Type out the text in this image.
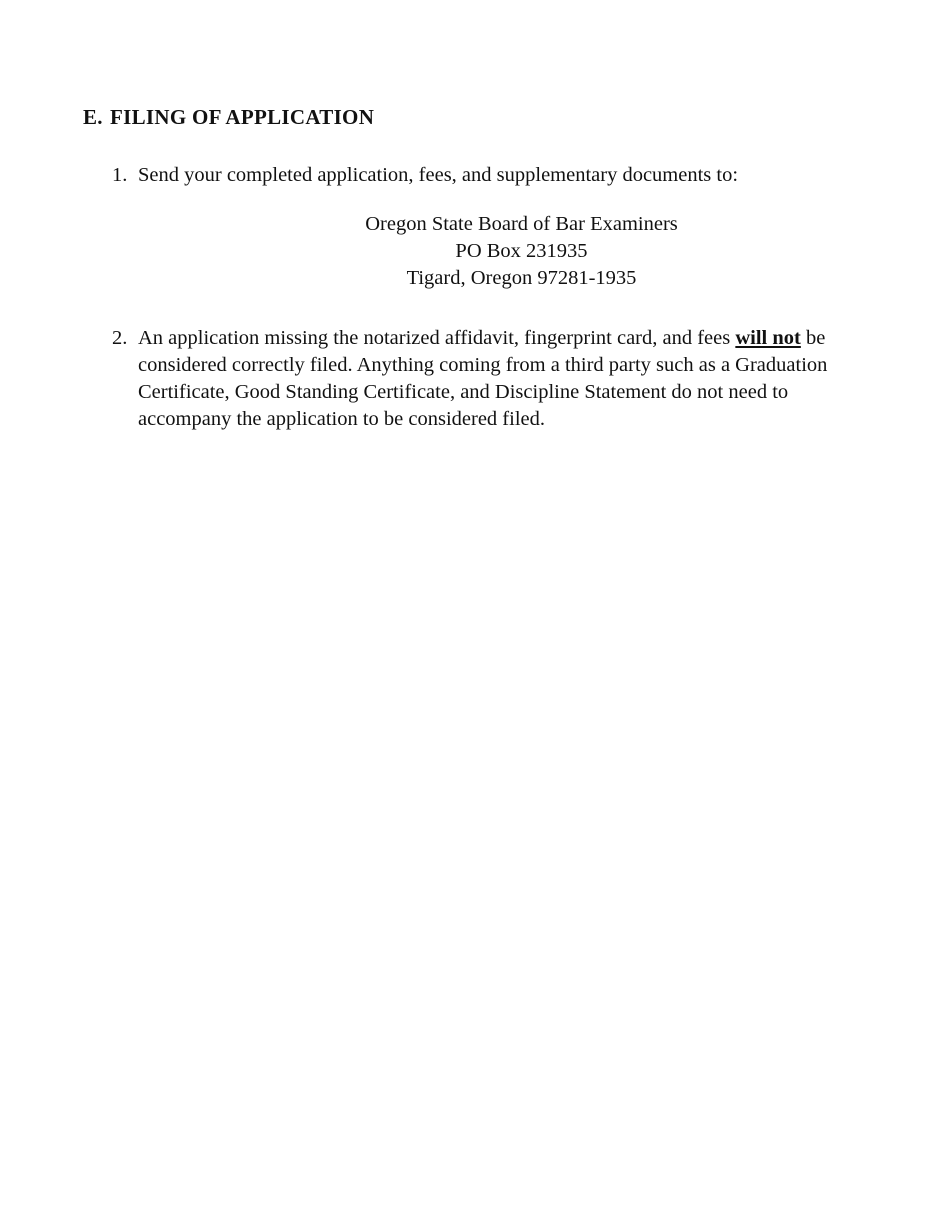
E. FILING OF APPLICATION
1. Send your completed application, fees, and supplementary documents to:
Oregon State Board of Bar Examiners
PO Box 231935
Tigard, Oregon 97281-1935
2. An application missing the notarized affidavit, fingerprint card, and fees will not be considered correctly filed. Anything coming from a third party such as a Graduation Certificate, Good Standing Certificate, and Discipline Statement do not need to accompany the application to be considered filed.
